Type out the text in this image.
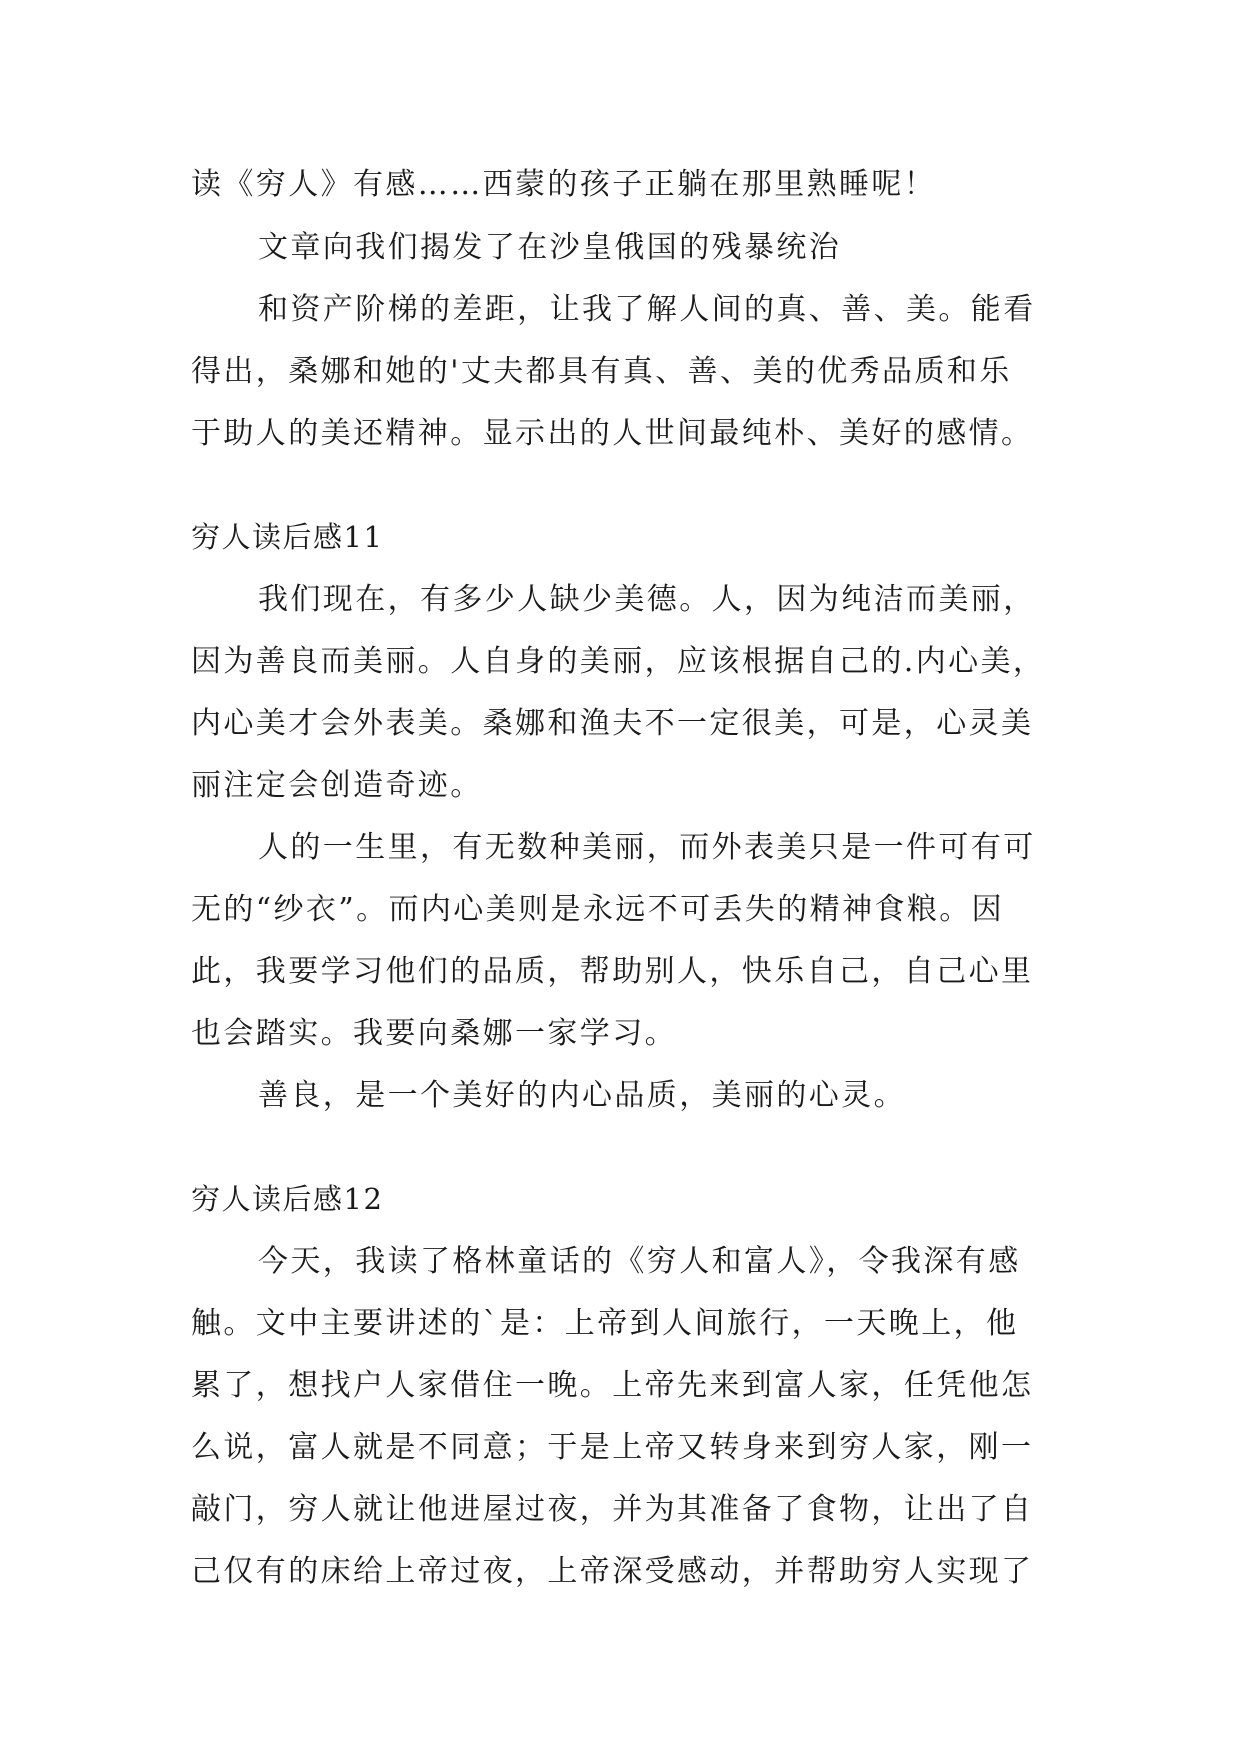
读《穷人》有感……西蒙的孩子正躺在那里熟睡呢！
文章向我们揭发了在沙皇俄国的残暴统治
和资产阶梯的差距，让我了解人间的真、善、美。能看
得出，桑娜和她的'丈夫都具有真、善、美的优秀品质和乐
于助人的美还精神。显示出的人世间最纯朴、美好的感情。
穷人读后感11
我们现在，有多少人缺少美德。人，因为纯洁而美丽，
因为善良而美丽。人自身的美丽，应该根据自己的.内心美，
内心美才会外表美。桑娜和渔夫不一定很美，可是，心灵美
丽注定会创造奇迹。
人的一生里，有无数种美丽，而外表美只是一件可有可
无的“纱衣”。而内心美则是永远不可丢失的精神食粮。因
此，我要学习他们的品质，帮助别人，快乐自己，自己心里
也会踏实。我要向桑娜一家学习。
善良，是一个美好的内心品质，美丽的心灵。
穷人读后感12
今天，我读了格林童话的《穷人和富人》，令我深有感
触。文中主要讲述的`是：上帝到人间旅行，一天晚上，他
累了，想找户人家借住一晚。上帝先来到富人家，任凭他怎
么说，富人就是不同意；于是上帝又转身来到穷人家，刚一
敲门，穷人就让他进屋过夜，并为其准备了食物，让出了自
己仅有的床给上帝过夜，上帝深受感动，并帮助穷人实现了
